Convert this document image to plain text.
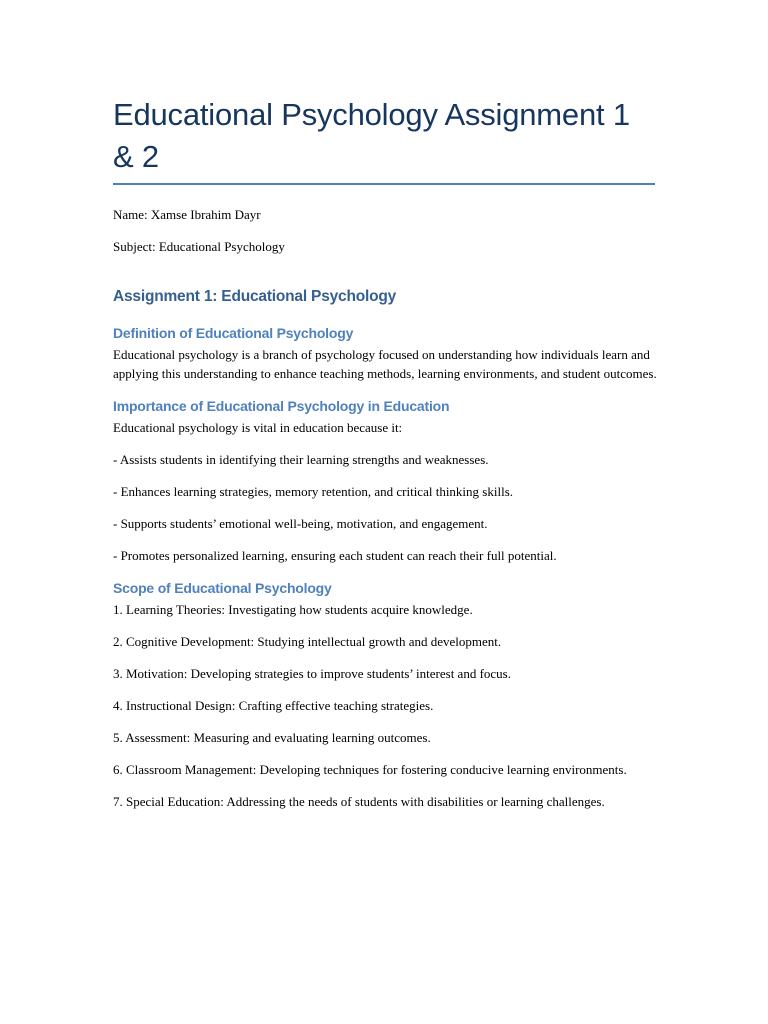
Educational Psychology Assignment 1 & 2

Name: Xamse Ibrahim Dayr

Subject: Educational Psychology

Assignment 1: Educational Psychology
Definition of Educational Psychology

Educational psychology is a branch of psychology focused on understanding how individuals learn and applying this understanding to enhance teaching methods, learning environments, and student outcomes.

Importance of Educational Psychology in Education

Educational psychology is vital in education because it:

- Assists students in identifying their learning strengths and weaknesses.
- Enhances learning strategies, memory retention, and critical thinking skills.
- Supports students’ emotional well-being, motivation, and engagement.
- Promotes personalized learning, ensuring each student can reach their full potential.
Scope of Educational Psychology
1. Learning Theories: Investigating how students acquire knowledge.
2. Cognitive Development: Studying intellectual growth and development.
3. Motivation: Developing strategies to improve students’ interest and focus.
4. Instructional Design: Crafting effective teaching strategies.
5. Assessment: Measuring and evaluating learning outcomes.
6. Classroom Management: Developing techniques for fostering conducive learning environments.
7. Special Education: Addressing the needs of students with disabilities or learning challenges.
